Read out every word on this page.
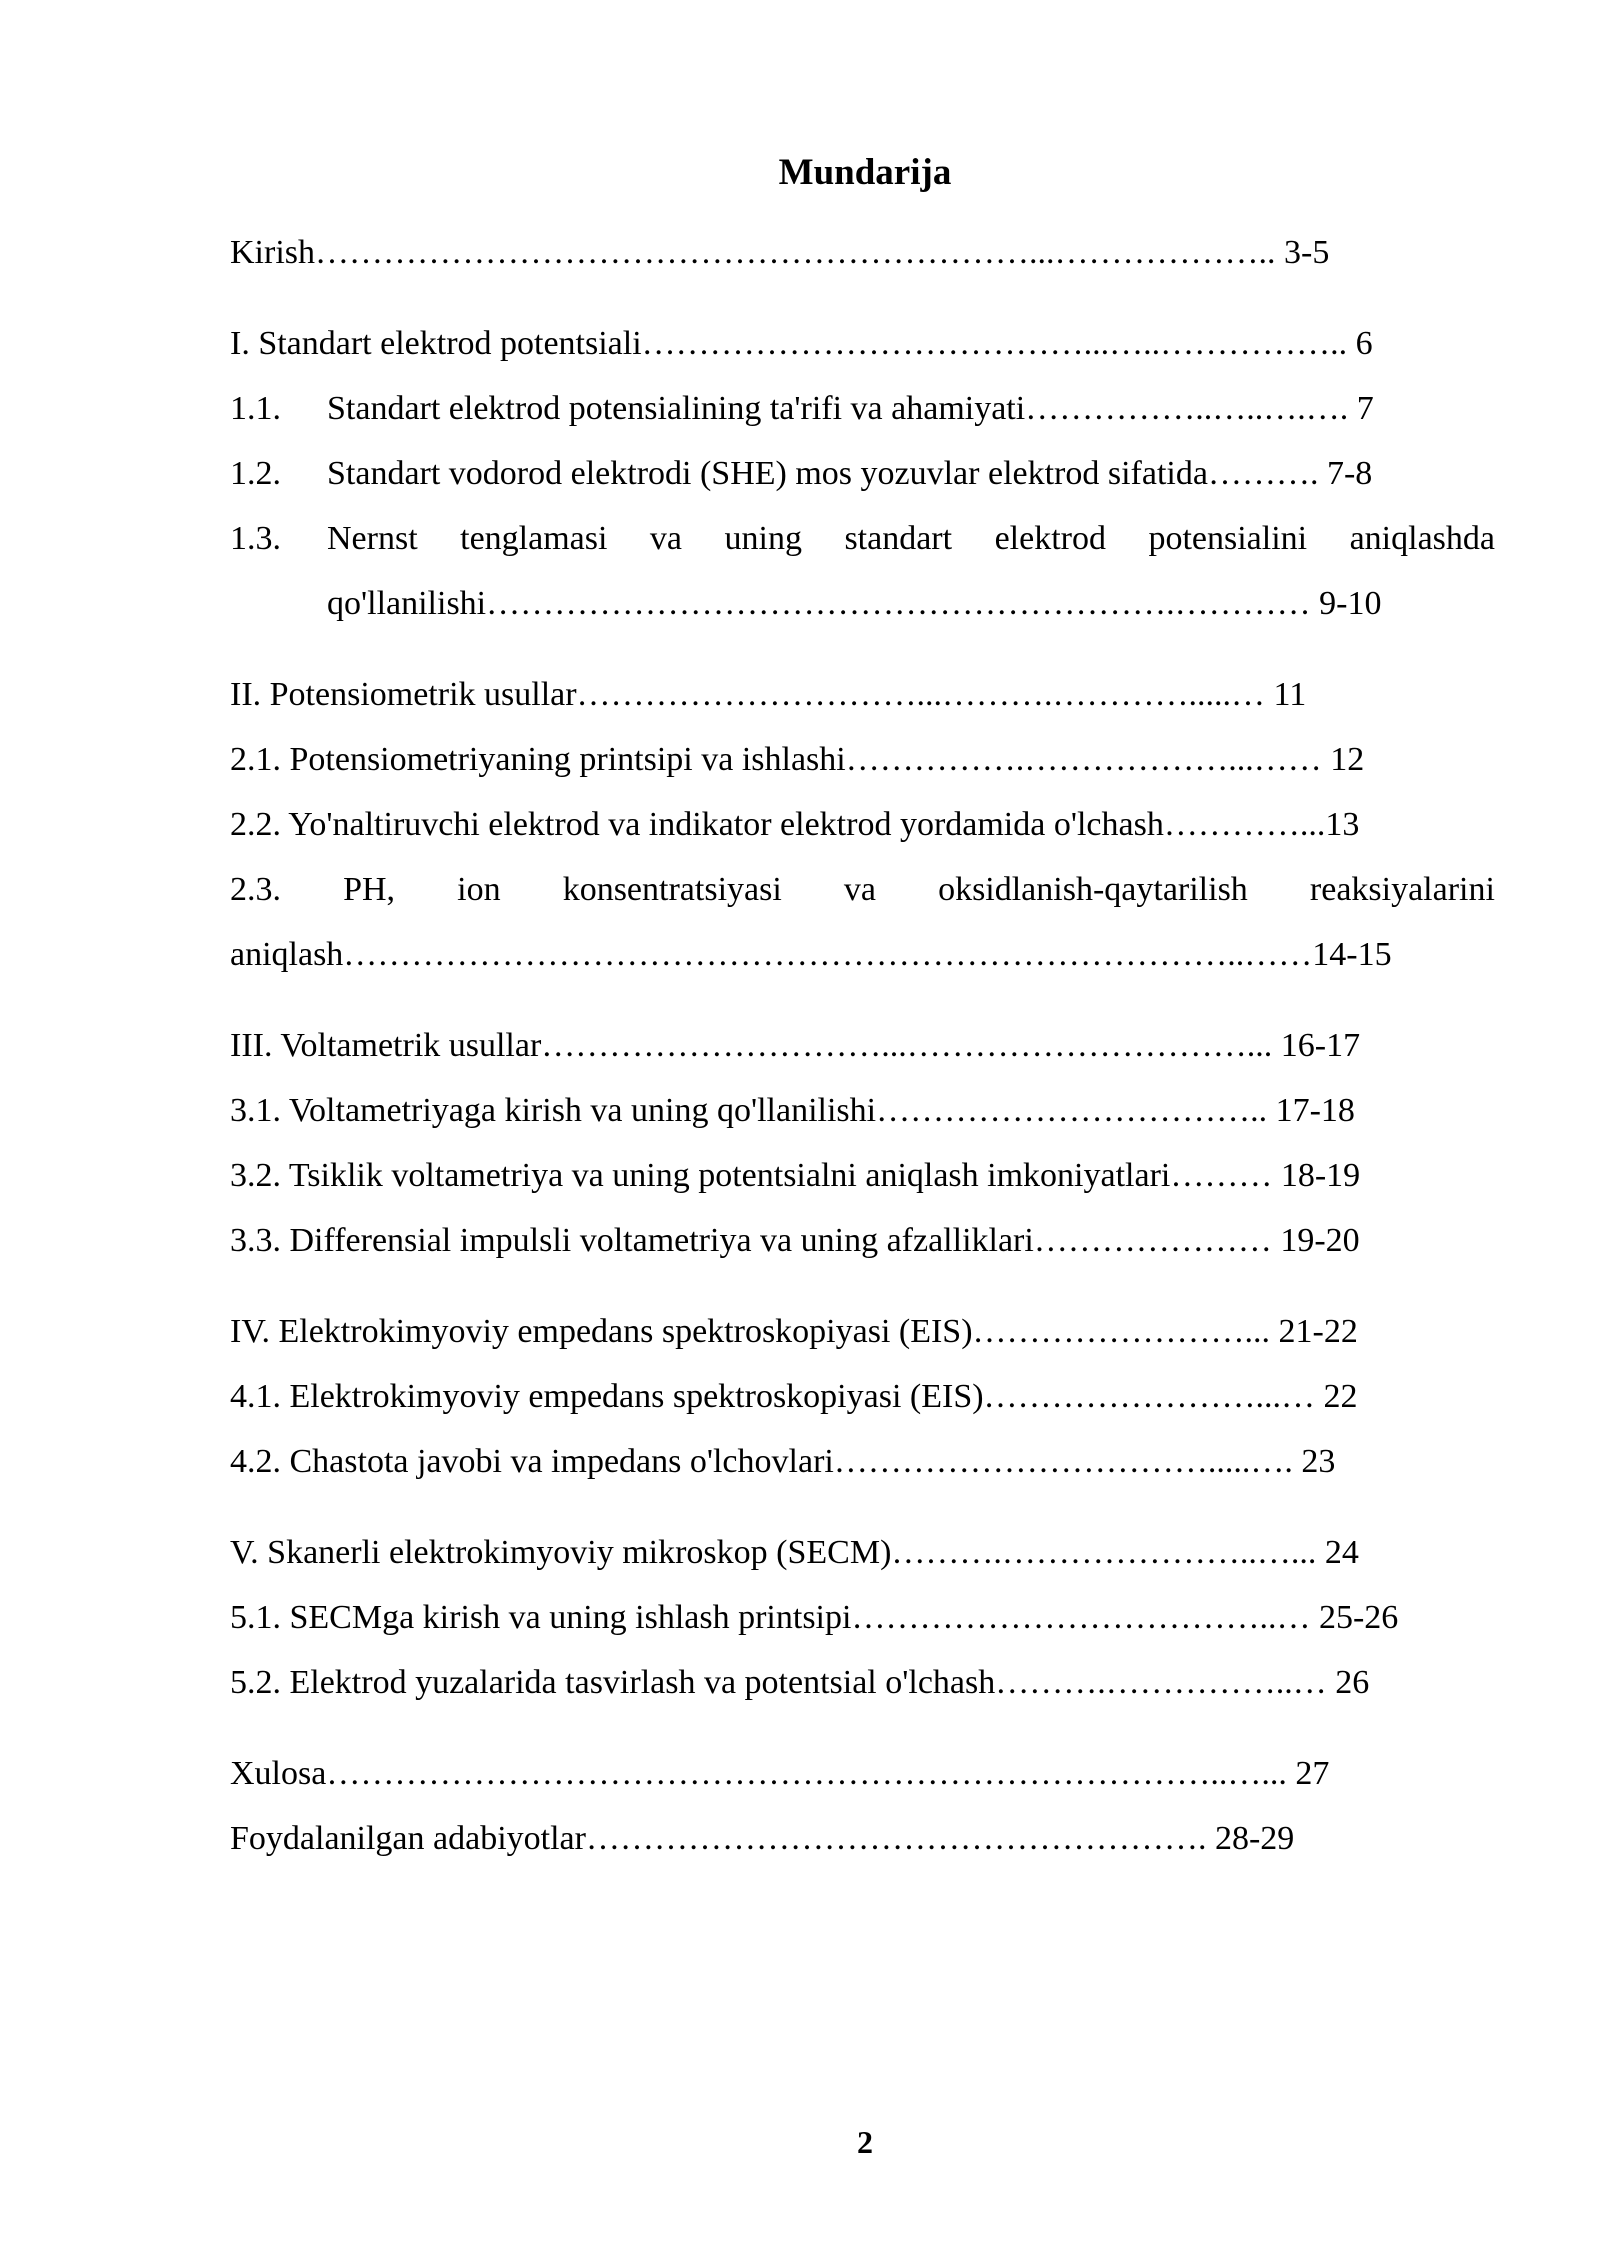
Mundarija
Kirish………………………………………………………...……………….. 3-5
I. Standart elektrod potentsiali…………………………………...…..…………….. 6
1.1. Standart elektrod potensialining ta'rifi va ahamiyati……………..…..….…. 7
1.2. Standart vodorod elektrodi (SHE) mos yozuvlar elektrod sifatida………. 7-8
1.3.	Nernst tenglamasi va uning standart elektrod potensialini aniqlashda
qo'llanilishi…………………………………………………….………… 9-10
II. Potensiometrik usullar…………………………...……….………….....… 11
2.1. Potensiometriyaning printsipi va ishlashi…………….………………...…… 12
2.2. Yo'naltiruvchi elektrod va indikator elektrod yordamida o'lchash…………...13
2.3. PH, ion konsentratsiyasi va oksidlanish-qaytarilish reaksiyalarini
aniqlash……………………………………………………………………..……14-15
III. Voltametrik usullar…………………………...…………………………... 16-17
3.1. Voltametriyaga kirish va uning qo'llanilishi…………………………….. 17-18
3.2. Tsiklik voltametriya va uning potentsialni aniqlash imkoniyatlari……… 18-19
3.3. Differensial impulsli voltametriya va uning afzalliklari………………… 19-20
IV. Elektrokimyoviy empedans spektroskopiyasi (EIS)……………………... 21-22
4.1. Elektrokimyoviy empedans spektroskopiyasi (EIS)……………………...… 22
4.2. Chastota javobi va impedans o'lchovlari…………………………….....…. 23
V. Skanerli elektrokimyoviy mikroskop (SECM)……….…………………..…... 24
5.1. SECMga kirish va uning ishlash printsipi………………………………..… 25-26
5.2. Elektrod yuzalarida tasvirlash va potentsial o'lchash……….……………..… 26
Xulosa……………………………………………………………………..…... 27
Foydalanilgan adabiyotlar………………………………………………. 28-29
2
